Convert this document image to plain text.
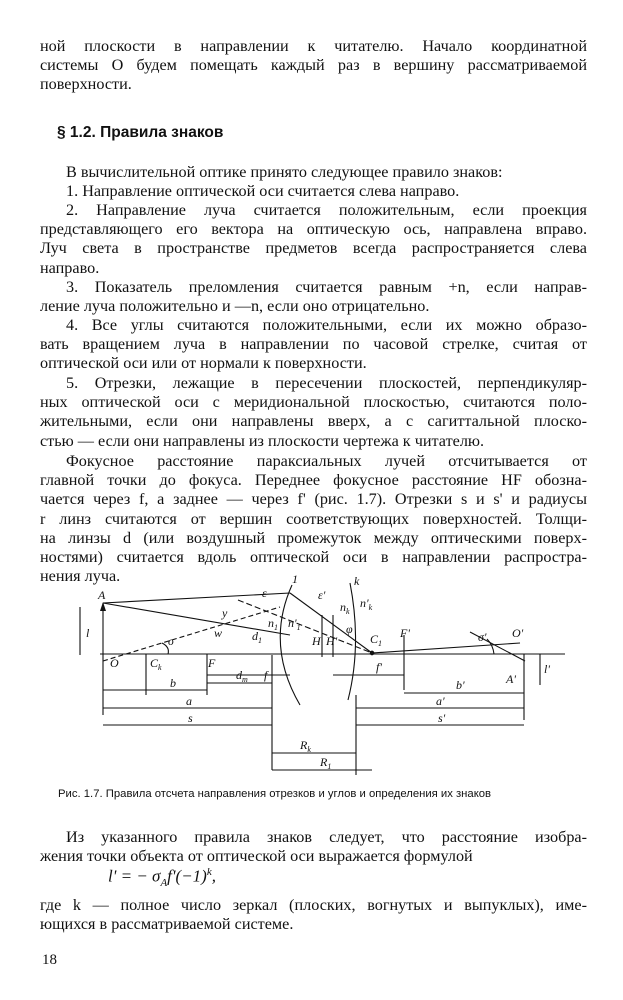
ной плоскости в направлении к читателю. Начало координатной
системы O будем помещать каждый раз в вершину рассматриваемой
поверхности.
§ 1.2. Правила знаков
В вычислительной оптике принято следующее правило знаков:
1. Направление оптической оси считается слева направо.
2. Направление луча считается положительным, если проекция
представляющего его вектора на оптическую ось, направлена вправо.
Луч света в пространстве предметов всегда распространяется слева
направо.
3. Показатель преломления считается равным +n, если направ-
ление луча положительно и —n, если оно отрицательно.
4. Все углы считаются положительными, если их можно образо-
вать вращением луча в направлении по часовой стрелке, считая от
оптической оси или от нормали к поверхности.
5. Отрезки, лежащие в пересечении плоскостей, перпендикуляр-
ных оптической оси с меридиональной плоскостью, считаются поло-
жительными, если они направлены вверх, а с сагиттальной плоско-
стью — если они направлены из плоскости чертежа к читателю.
Фокусное расстояние параксиальных лучей отсчитывается от
главной точки до фокуса. Переднее фокусное расстояние HF обозна-
чается через f, а заднее — через f' (рис. 1.7). Отрезки s и s' и радиусы
r линз считаются от вершин соответствующих поверхностей. Толщи-
на линзы d (или воздушный промежуток между оптическими поверх-
ностями) считается вдоль оптической оси в направлении распростра-
нения луча.
A
l
O	$C_k$
σ
w
F
b
a
s
$d_т$ f
$d_1$
y
$n_1$ $n'_1$
1
H H'
ε	ε'
k
$n_k$
$n'_k$
φ
$C_1$
$R_k$
$R_1$
F'
f'
b'
a'
s'
O'
A'
l'
σ'
Рис. 1.7. Правила отсчета направления отрезков и углов и определения их знаков
Из указанного правила знаков следует, что расстояние изобра-
жения точки объекта от оптической оси выражается формулой
l' = − $\sigma_Af'(-1)^k$,
где k — полное число зеркал (плоских, вогнутых и выпуклых), име-
ющихся в рассматриваемой системе.
18
